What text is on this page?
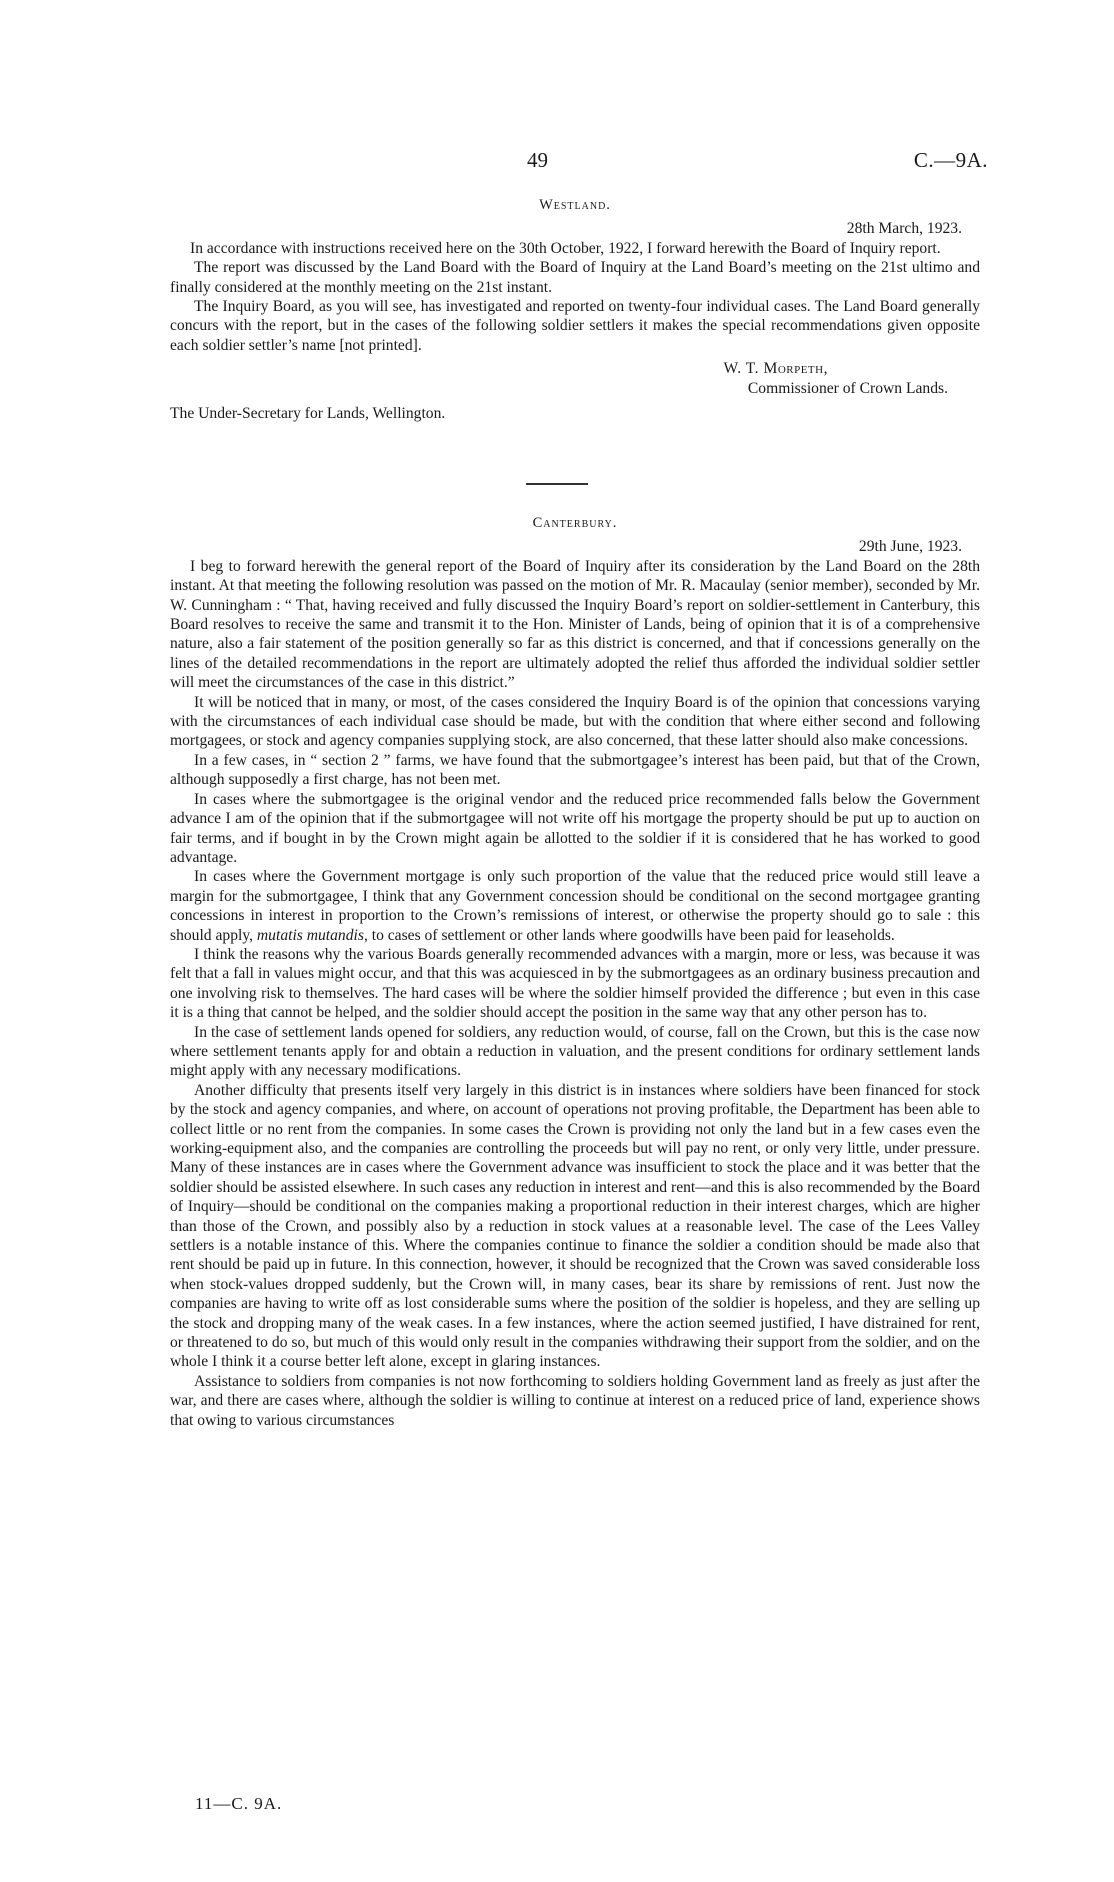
49	C.—9A.
Westland.

28th March, 1923.

In accordance with instructions received here on the 30th October, 1922, I forward herewith the Board of Inquiry report.

The report was discussed by the Land Board with the Board of Inquiry at the Land Board’s meeting on the 21st ultimo and finally considered at the monthly meeting on the 21st instant.

The Inquiry Board, as you will see, has investigated and reported on twenty-four individual cases. The Land Board generally concurs with the report, but in the cases of the following soldier settlers it makes the special recommendations given opposite each soldier settler’s name [not printed].

W. T. Morpeth,

Commissioner of Crown Lands.

The Under-Secretary for Lands, Wellington.

Canterbury.

29th June, 1923.

I beg to forward herewith the general report of the Board of Inquiry after its consideration by the Land Board on the 28th instant. At that meeting the following resolution was passed on the motion of Mr. R. Macaulay (senior member), seconded by Mr. W. Cunningham : “ That, having received and fully discussed the Inquiry Board’s report on soldier-settlement in Canterbury, this Board resolves to receive the same and transmit it to the Hon. Minister of Lands, being of opinion that it is of a comprehensive nature, also a fair statement of the position generally so far as this district is concerned, and that if concessions generally on the lines of the detailed recommendations in the report are ultimately adopted the relief thus afforded the individual soldier settler will meet the circumstances of the case in this district.”

It will be noticed that in many, or most, of the cases considered the Inquiry Board is of the opinion that concessions varying with the circumstances of each individual case should be made, but with the condition that where either second and following mortgagees, or stock and agency companies supplying stock, are also concerned, that these latter should also make concessions.

In a few cases, in “ section 2 ” farms, we have found that the submortgagee’s interest has been paid, but that of the Crown, although supposedly a first charge, has not been met.

In cases where the submortgagee is the original vendor and the reduced price recommended falls below the Government advance I am of the opinion that if the submortgagee will not write off his mortgage the property should be put up to auction on fair terms, and if bought in by the Crown might again be allotted to the soldier if it is considered that he has worked to good advantage.

In cases where the Government mortgage is only such proportion of the value that the reduced price would still leave a margin for the submortgagee, I think that any Government concession should be conditional on the second mortgagee granting concessions in interest in proportion to the Crown’s remissions of interest, or otherwise the property should go to sale : this should apply, mutatis mutandis, to cases of settlement or other lands where goodwills have been paid for leaseholds.

I think the reasons why the various Boards generally recommended advances with a margin, more or less, was because it was felt that a fall in values might occur, and that this was acquiesced in by the submortgagees as an ordinary business precaution and one involving risk to themselves. The hard cases will be where the soldier himself provided the difference ; but even in this case it is a thing that cannot be helped, and the soldier should accept the position in the same way that any other person has to.

In the case of settlement lands opened for soldiers, any reduction would, of course, fall on the Crown, but this is the case now where settlement tenants apply for and obtain a reduction in valuation, and the present conditions for ordinary settlement lands might apply with any necessary modifications.

Another difficulty that presents itself very largely in this district is in instances where soldiers have been financed for stock by the stock and agency companies, and where, on account of operations not proving profitable, the Department has been able to collect little or no rent from the companies. In some cases the Crown is providing not only the land but in a few cases even the working-equipment also, and the companies are controlling the proceeds but will pay no rent, or only very little, under pressure. Many of these instances are in cases where the Government advance was insufficient to stock the place and it was better that the soldier should be assisted elsewhere. In such cases any reduction in interest and rent—and this is also recommended by the Board of Inquiry—should be conditional on the companies making a proportional reduction in their interest charges, which are higher than those of the Crown, and possibly also by a reduction in stock values at a reasonable level. The case of the Lees Valley settlers is a notable instance of this. Where the companies continue to finance the soldier a condition should be made also that rent should be paid up in future. In this connection, however, it should be recognized that the Crown was saved considerable loss when stock-values dropped suddenly, but the Crown will, in many cases, bear its share by remissions of rent. Just now the companies are having to write off as lost considerable sums where the position of the soldier is hopeless, and they are selling up the stock and dropping many of the weak cases. In a few instances, where the action seemed justified, I have distrained for rent, or threatened to do so, but much of this would only result in the companies withdrawing their support from the soldier, and on the whole I think it a course better left alone, except in glaring instances.

Assistance to soldiers from companies is not now forthcoming to soldiers holding Government land as freely as just after the war, and there are cases where, although the soldier is willing to continue at interest on a reduced price of land, experience shows that owing to various circumstances

11—C. 9A.
